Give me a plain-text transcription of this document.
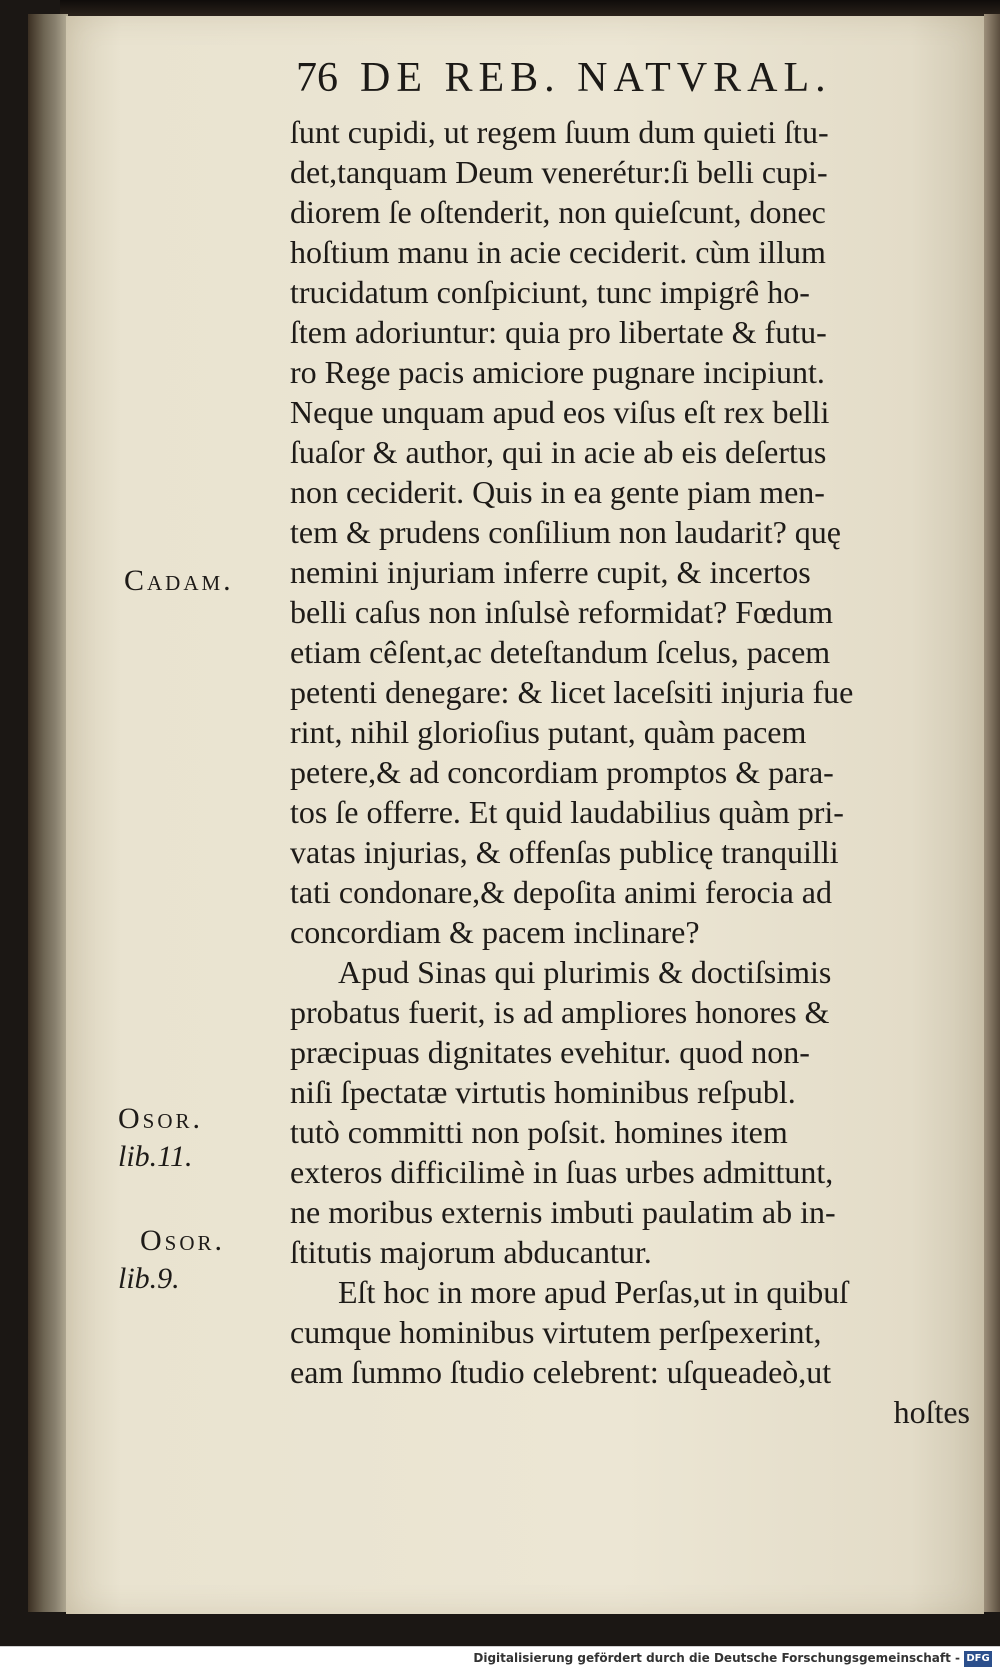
76 DE REB. NATVRAL.
Cadam.
Osor.
lib.11.
Osor.
lib.9.
ſunt cupidi, ut regem ſuum dum quieti ſtu-
det,tanquam Deum venerétur:ſi belli cupi-
diorem ſe oſtenderit, non quieſcunt, donec
hoſtium manu in acie ceciderit. cùm illum
trucidatum conſpiciunt, tunc impigrê ho-
ſtem adoriuntur: quia pro libertate & futu-
ro Rege pacis amiciore pugnare incipiunt.
Neque unquam apud eos viſus eſt rex belli
ſuaſor & author, qui in acie ab eis deſertus
non ceciderit. Quis in ea gente piam men-
tem & prudens conſilium non laudarit? quę
nemini injuriam inferre cupit, & incertos
belli caſus non inſulsè reformidat? Fœdum
etiam cêſent,ac deteſtandum ſcelus, pacem
petenti denegare: & licet laceſsiti injuria fue
rint, nihil glorioſius putant, quàm pacem
petere,& ad concordiam promptos & para-
tos ſe offerre. Et quid laudabilius quàm pri-
vatas injurias, & offenſas publicę tranquilli
tati condonare,& depoſita animi ferocia ad
concordiam & pacem inclinare?
Apud Sinas qui plurimis & doctiſsimis
probatus fuerit, is ad ampliores honores &
præcipuas dignitates evehitur. quod non-
niſi ſpectatæ virtutis hominibus reſpubl.
tutò committi non poſsit. homines item
exteros difficilimè in ſuas urbes admittunt,
ne moribus externis imbuti paulatim ab in-
ſtitutis majorum abducantur.
Eſt hoc in more apud Perſas,ut in quibuſ
cumque hominibus virtutem perſpexerint,
eam ſummo ſtudio celebrent: uſqueadeò,ut
hoſtes
Digitalisierung gefördert durch die Deutsche Forschungsgemeinschaft - DFG
